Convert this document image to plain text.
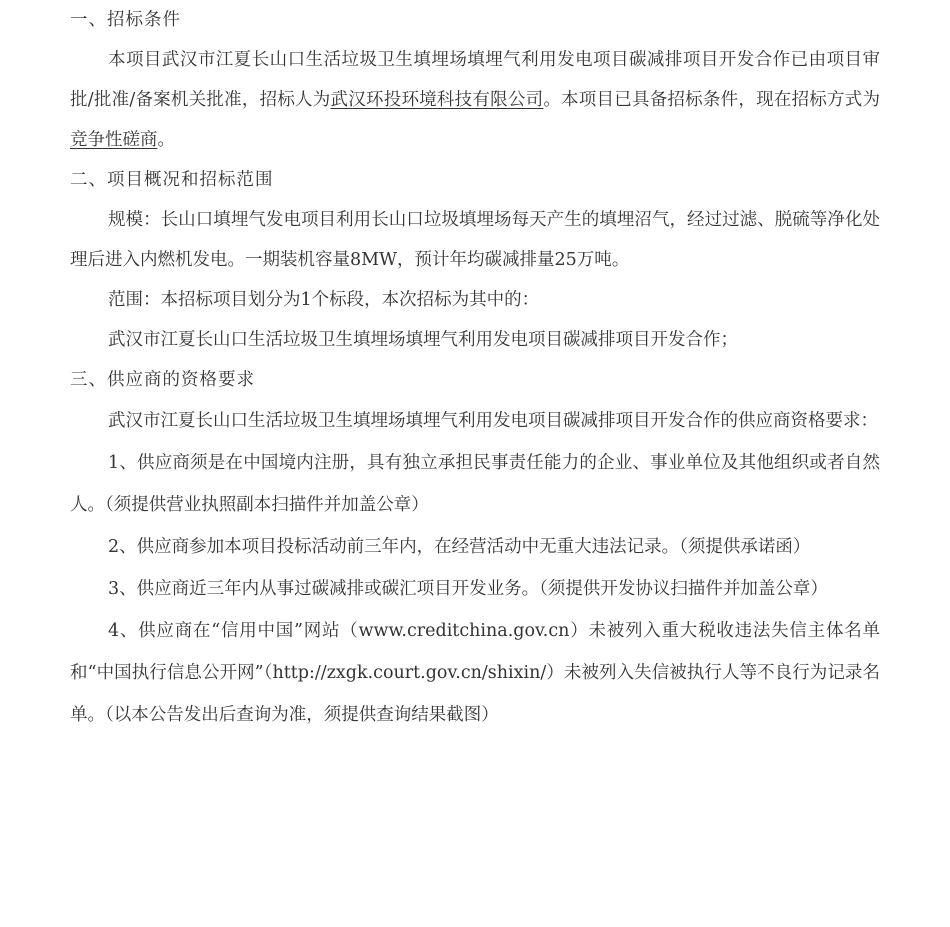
一、招标条件

本项目武汉市江夏长山口生活垃圾卫生填埋场填埋气利用发电项目碳减排项目开发合作已由项目审批/批准/备案机关批准，招标人为武汉环投环境科技有限公司。本项目已具备招标条件，现在招标方式为竞争性磋商。

二、项目概况和招标范围

规模：长山口填埋气发电项目利用长山口垃圾填埋场每天产生的填埋沼气，经过过滤、脱硫等净化处理后进入内燃机发电。一期装机容量8MW，预计年均碳减排量25万吨。

范围：本招标项目划分为1个标段，本次招标为其中的：

武汉市江夏长山口生活垃圾卫生填埋场填埋气利用发电项目碳减排项目开发合作；

三、供应商的资格要求

武汉市江夏长山口生活垃圾卫生填埋场填埋气利用发电项目碳减排项目开发合作的供应商资格要求：

1、供应商须是在中国境内注册，具有独立承担民事责任能力的企业、事业单位及其他组织或者自然人。（须提供营业执照副本扫描件并加盖公章）

2、供应商参加本项目投标活动前三年内，在经营活动中无重大违法记录。（须提供承诺函）

3、供应商近三年内从事过碳减排或碳汇项目开发业务。（须提供开发协议扫描件并加盖公章）

4、供应商在“信用中国”网站（www.creditchina.gov.cn）未被列入重大税收违法失信主体名单和“中国执行信息公开网”（http://zxgk.court.gov.cn/shixin/）未被列入失信被执行人等不良行为记录名单。（以本公告发出后查询为准，须提供查询结果截图）
